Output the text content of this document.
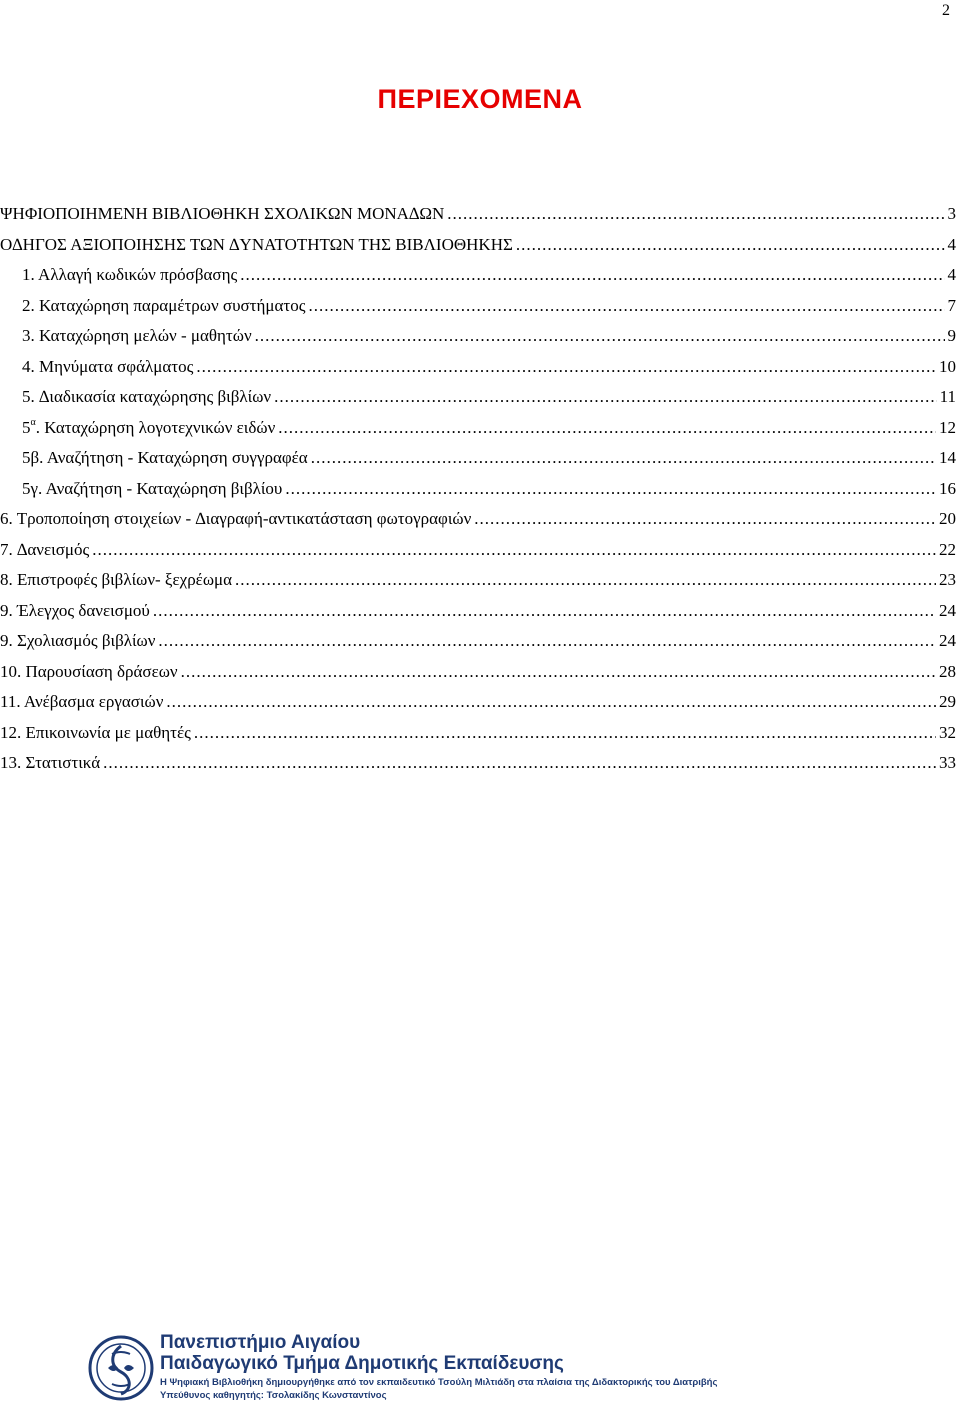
2
ΠΕΡΙΕΧΟΜΕΝΑ
ΨΗΦΙΟΠΟΙΗΜΕΝΗ ΒΙΒΛΙΟΘΗΚΗ ΣΧΟΛΙΚΩΝ ΜΟΝΑ∆ΩΝ .....	3
Ο∆ΗΓΟΣ ΑΞΙΟΠΟΙΗΣΗΣ ΤΩΝ ∆ΥΝΑΤΟΤΗΤΩΝ ΤΗΣ ΒΙΒΛΙΟΘΗΚΗΣ .....	4
1. Αλλαγή κωδικών πρόσβασης .....	4
2. Καταχώρηση παραμέτρων συστήματος .....	7
3. Καταχώρηση μελών - μαθητών .....	9
4. Μηνύματα σφάλματος .....	10
5. ∆ιαδικασία καταχώρησης βιβλίων .....	11
$5^\alpha$. Καταχώρηση λογοτεχνικών ειδών .....	12
5β. Αναζήτηση - Καταχώρηση συγγραφέα .....	14
5γ. Αναζήτηση - Καταχώρηση βιβλίου .....	16
6. Τροποποίηση στοιχείων - ∆ιαγραφή-αντικατάσταση φωτογραφιών .....	20
7. ∆ανεισμός .....	22
8. Επιστροφές βιβλίων- ξεχρέωμα .....	23
9. Έλεγχος δανεισμού .....	24
9. Σχολιασμός βιβλίων .....	24
10. Παρουσίαση δράσεων .....	28
11. Ανέβασμα εργασιών .....	29
12. Επικοινωνία με μαθητές .....	32
13. Στατιστικά .....	33
Πανεπιστήμιο Αιγαίου
Παιδαγωγικό Τμήμα Δημοτικής Εκπαίδευσης
Η Ψηφιακή Βιβλιοθήκη δημιουργήθηκε από τον εκπαιδευτικό Τσούλη Μιλτιάδη στα πλαίσια της Διδακτορικής του Διατριβής
Υπεύθυνος καθηγητής: Τσολακίδης Κωνσταντίνος
